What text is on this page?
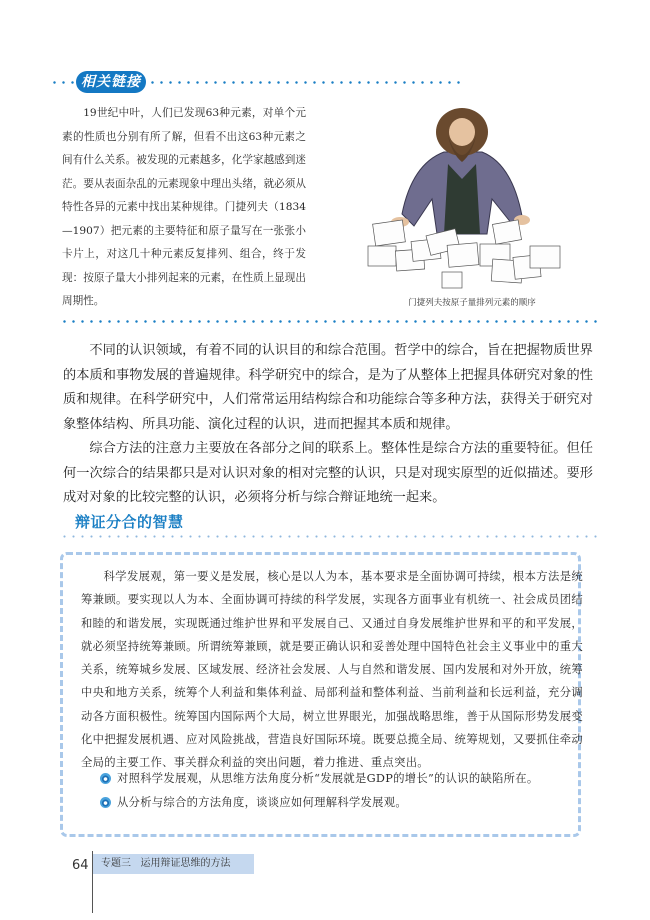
相关链接

19世纪中叶，人们已发现63种元素，对单个元素的性质也分别有所了解，但看不出这63种元素之间有什么关系。被发现的元素越多，化学家越感到迷茫。要从表面杂乱的元素现象中理出头绪，就必须从特性各异的元素中找出某种规律。门捷列夫（1834—1907）把元素的主要特征和原子量写在一张张小卡片上，对这几十种元素反复排列、组合，终于发现：按原子量大小排列起来的元素，在性质上显现出周期性。	门捷列夫按原子量排列元素的顺序

不同的认识领域，有着不同的认识目的和综合范围。哲学中的综合，旨在把握物质世界的本质和事物发展的普遍规律。科学研究中的综合，是为了从整体上把握具体研究对象的性质和规律。在科学研究中，人们常常运用结构综合和功能综合等多种方法，获得关于研究对象整体结构、所具功能、演化过程的认识，进而把握其本质和规律。

综合方法的注意力主要放在各部分之间的联系上。整体性是综合方法的重要特征。但任何一次综合的结果都只是对认识对象的相对完整的认识，只是对现实原型的近似描述。要形成对对象的比较完整的认识，必须将分析与综合辩证地统一起来。

辩证分合的智慧

科学发展观，第一要义是发展，核心是以人为本，基本要求是全面协调可持续，根本方法是统筹兼顾。要实现以人为本、全面协调可持续的科学发展，实现各方面事业有机统一、社会成员团结和睦的和谐发展，实现既通过维护世界和平发展自己、又通过自身发展维护世界和平的和平发展，就必须坚持统筹兼顾。所谓统筹兼顾，就是要正确认识和妥善处理中国特色社会主义事业中的重大关系，统筹城乡发展、区域发展、经济社会发展、人与自然和谐发展、国内发展和对外开放，统筹中央和地方关系，统筹个人利益和集体利益、局部利益和整体利益、当前利益和长远利益，充分调动各方面积极性。统筹国内国际两个大局，树立世界眼光，加强战略思维，善于从国际形势发展变化中把握发展机遇、应对风险挑战，营造良好国际环境。既要总揽全局、统筹规划，又要抓住牵动全局的主要工作、事关群众利益的突出问题，着力推进、重点突出。

对照科学发展观，从思维方法角度分析“发展就是GDP的增长”的认识的缺陷所在。
从分析与综合的方法角度，谈谈应如何理解科学发展观。
64	专题三   运用辩证思维的方法
